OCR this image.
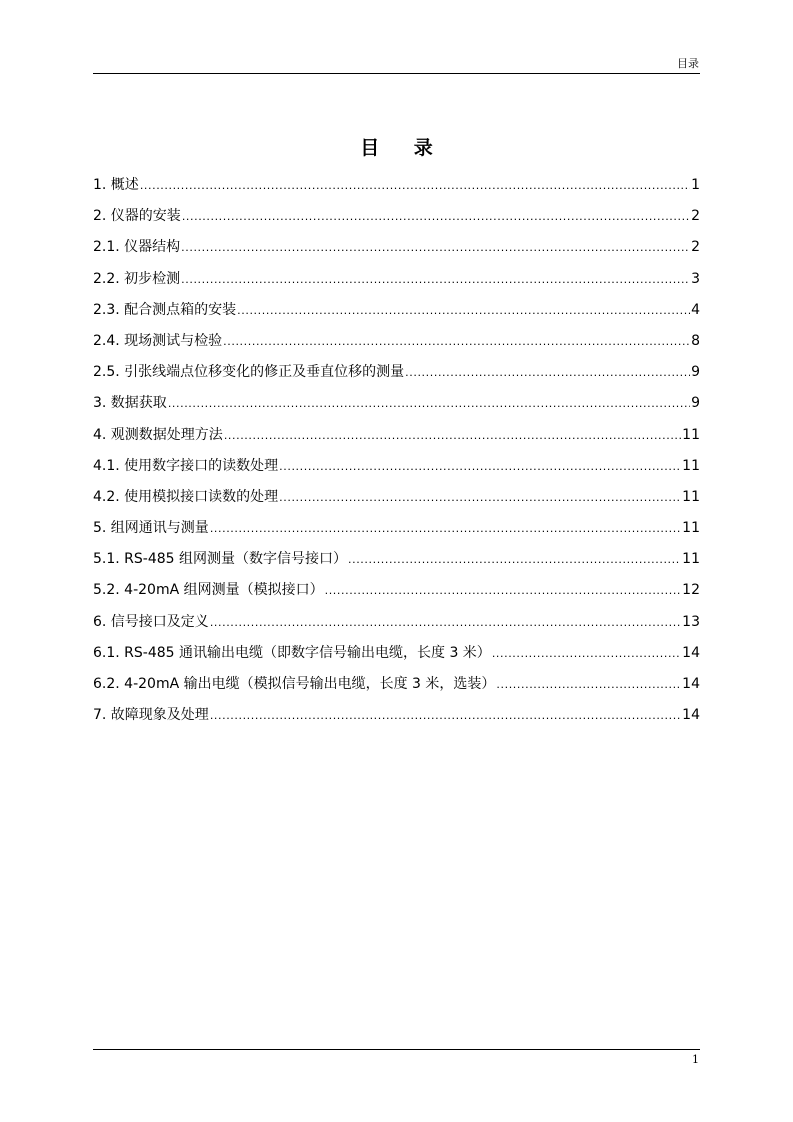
目录
目 录
1. 概述 .....	1
2. 仪器的安装 .....	2
2.1. 仪器结构 .....	2
2.2. 初步检测 .....	3
2.3. 配合测点箱的安装 .....	4
2.4. 现场测试与检验 .....	8
2.5. 引张线端点位移变化的修正及垂直位移的测量 .....	9
3. 数据获取 .....	9
4. 观测数据处理方法 .....	11
4.1. 使用数字接口的读数处理 .....	11
4.2. 使用模拟接口读数的处理 .....	11
5. 组网通讯与测量 .....	11
5.1. RS-485 组网测量（数字信号接口） .....	11
5.2. 4-20mA 组网测量（模拟接口） .....	12
6. 信号接口及定义 .....	13
6.1. RS-485 通讯输出电缆（即数字信号输出电缆，长度 3 米） .....	14
6.2. 4-20mA 输出电缆（模拟信号输出电缆，长度 3 米，选装） .....	14
7. 故障现象及处理 .....	14
1
